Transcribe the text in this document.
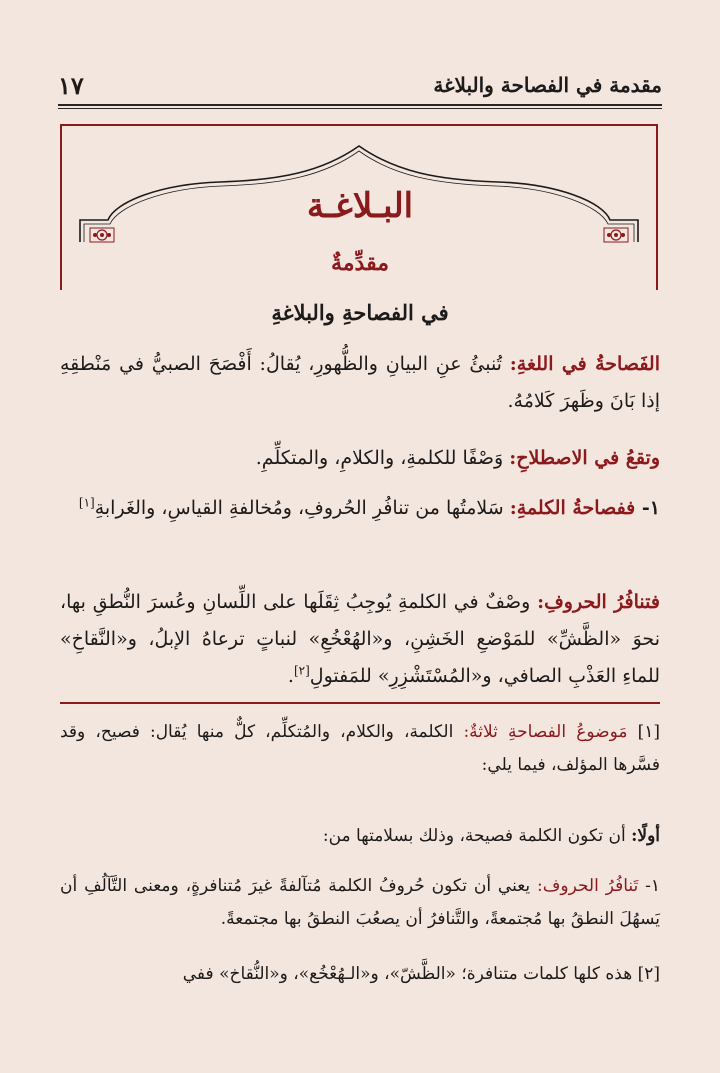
مقدمة في الفصاحة والبلاغة
١٧
البـلاغـة
مقدِّمةٌ
في الفصاحةِ والبلاغةِ
الفَصاحةُ في اللغةِ: تُنبئُ عنِ البيانِ والظُّهورِ، يُقالُ: أَفْصَحَ الصبيُّ في مَنْطقِهِ إذا بَانَ وظَهرَ كَلامُهُ.
وتقعُ في الاصطلاحِ: وَصْفًا للكلمةِ، والكلامِ، والمتكلِّمِ.
١- ففصاحةُ الكلمةِ: سَلامتُها من تنافُرِ الحُروفِ، ومُخالفةِ القياسِ، والغَرابةِ[١]
فتنافُرُ الحروفِ: وصْفٌ في الكلمةِ يُوجِبُ ثِقَلَها على اللِّسانِ وعُسرَ النُّطقِ بها، نحوَ «الظَّشِّ» للمَوْضعِ الخَشِنِ، و«الهُعْخُعِ» لنباتٍ ترعاهُ الإبلُ، و«النَّقاخِ» للماءِ العَذْبِ الصافي، و«المُسْتَشْزِرِ» للمَفتولِ[٢].
[١] مَوضوعُ الفصاحةِ ثلاثةٌ: الكلمة، والكلام، والمُتكلِّم، كلٌّ منها يُقال: فصيح، وقد فسَّرها المؤلف، فيما يلي:
أولًا: أن تكون الكلمة فصيحة، وذلك بسلامتها من:
١- تَنافُرُ الحروف: يعني أن تكون حُروفُ الكلمة مُتآلفةً غيرَ مُتنافرةٍ، ومعنى التَّآلُفِ أن يَسهُلَ النطقُ بها مُجتمعةً، والتَّنافرُ أن يصعُبَ النطقُ بها مجتمعةً.
[٢] هذه كلها كلمات متنافرة؛ «الظَّشّ»، و«الـهُعْخُع»، و«النُّقاخ» ففي
